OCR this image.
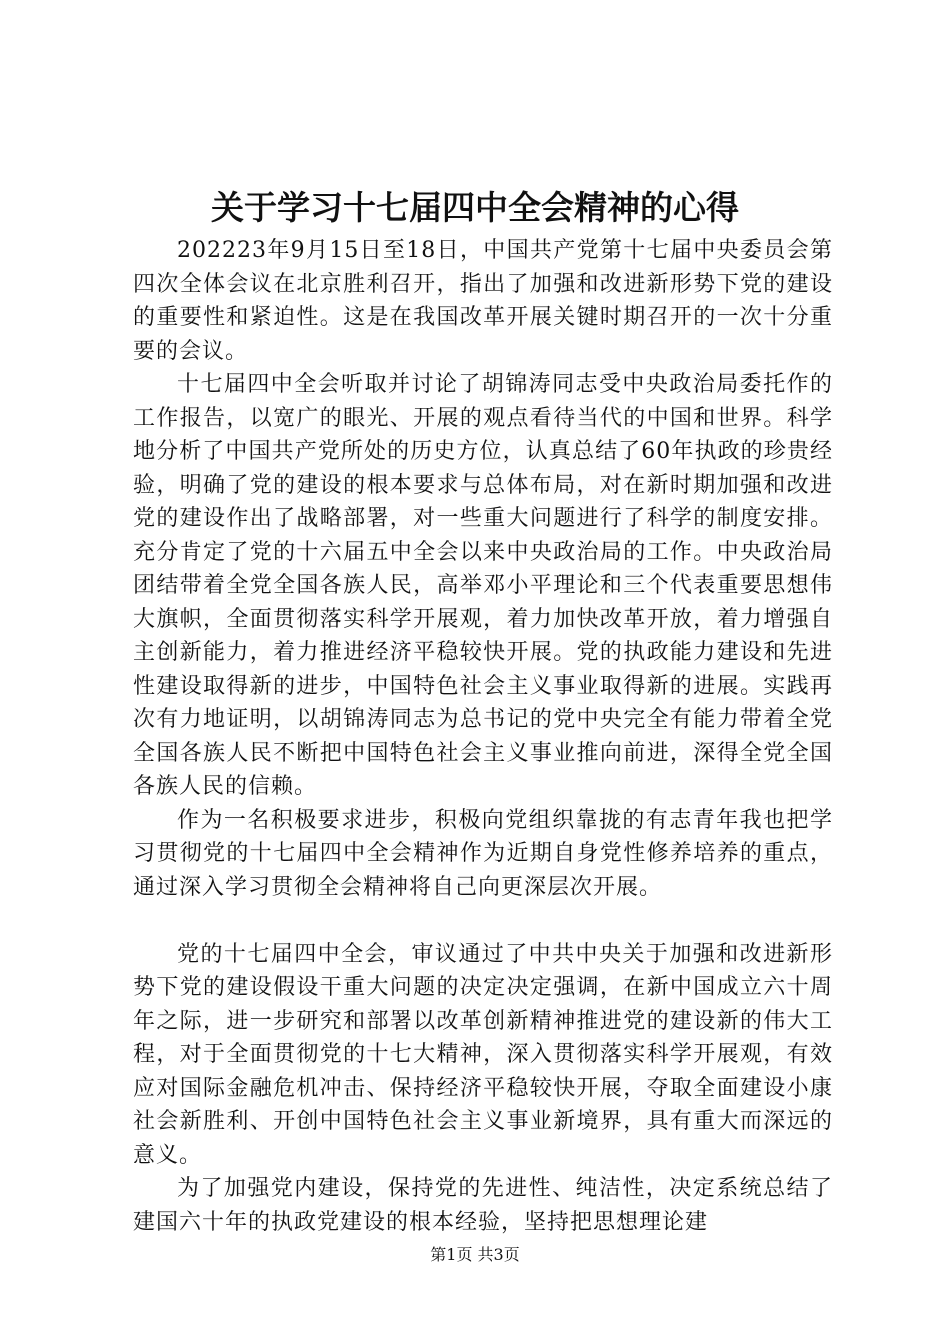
关于学习十七届四中全会精神的心得

202223年9月15日至18日，中国共产党第十七届中央委员会第四次全体会议在北京胜利召开，指出了加强和改进新形势下党的建设的重要性和紧迫性。这是在我国改革开展关键时期召开的一次十分重要的会议。

十七届四中全会听取并讨论了胡锦涛同志受中央政治局委托作的工作报告，以宽广的眼光、开展的观点看待当代的中国和世界。科学地分析了中国共产党所处的历史方位，认真总结了60年执政的珍贵经验，明确了党的建设的根本要求与总体布局，对在新时期加强和改进党的建设作出了战略部署，对一些重大问题进行了科学的制度安排。充分肯定了党的十六届五中全会以来中央政治局的工作。中央政治局团结带着全党全国各族人民，高举邓小平理论和三个代表重要思想伟大旗帜，全面贯彻落实科学开展观，着力加快改革开放，着力增强自主创新能力，着力推进经济平稳较快开展。党的执政能力建设和先进性建设取得新的进步，中国特色社会主义事业取得新的进展。实践再次有力地证明，以胡锦涛同志为总书记的党中央完全有能力带着全党全国各族人民不断把中国特色社会主义事业推向前进，深得全党全国各族人民的信赖。

作为一名积极要求进步，积极向党组织靠拢的有志青年我也把学习贯彻党的十七届四中全会精神作为近期自身党性修养培养的重点，通过深入学习贯彻全会精神将自己向更深层次开展。

党的十七届四中全会，审议通过了中共中央关于加强和改进新形势下党的建设假设干重大问题的决定决定强调，在新中国成立六十周年之际，进一步研究和部署以改革创新精神推进党的建设新的伟大工程，对于全面贯彻党的十七大精神，深入贯彻落实科学开展观，有效应对国际金融危机冲击、保持经济平稳较快开展，夺取全面建设小康社会新胜利、开创中国特色社会主义事业新境界，具有重大而深远的意义。

为了加强党内建设，保持党的先进性、纯洁性，决定系统总结了建国六十年的执政党建设的根本经验，坚持把思想理论建

第1页 共3页
